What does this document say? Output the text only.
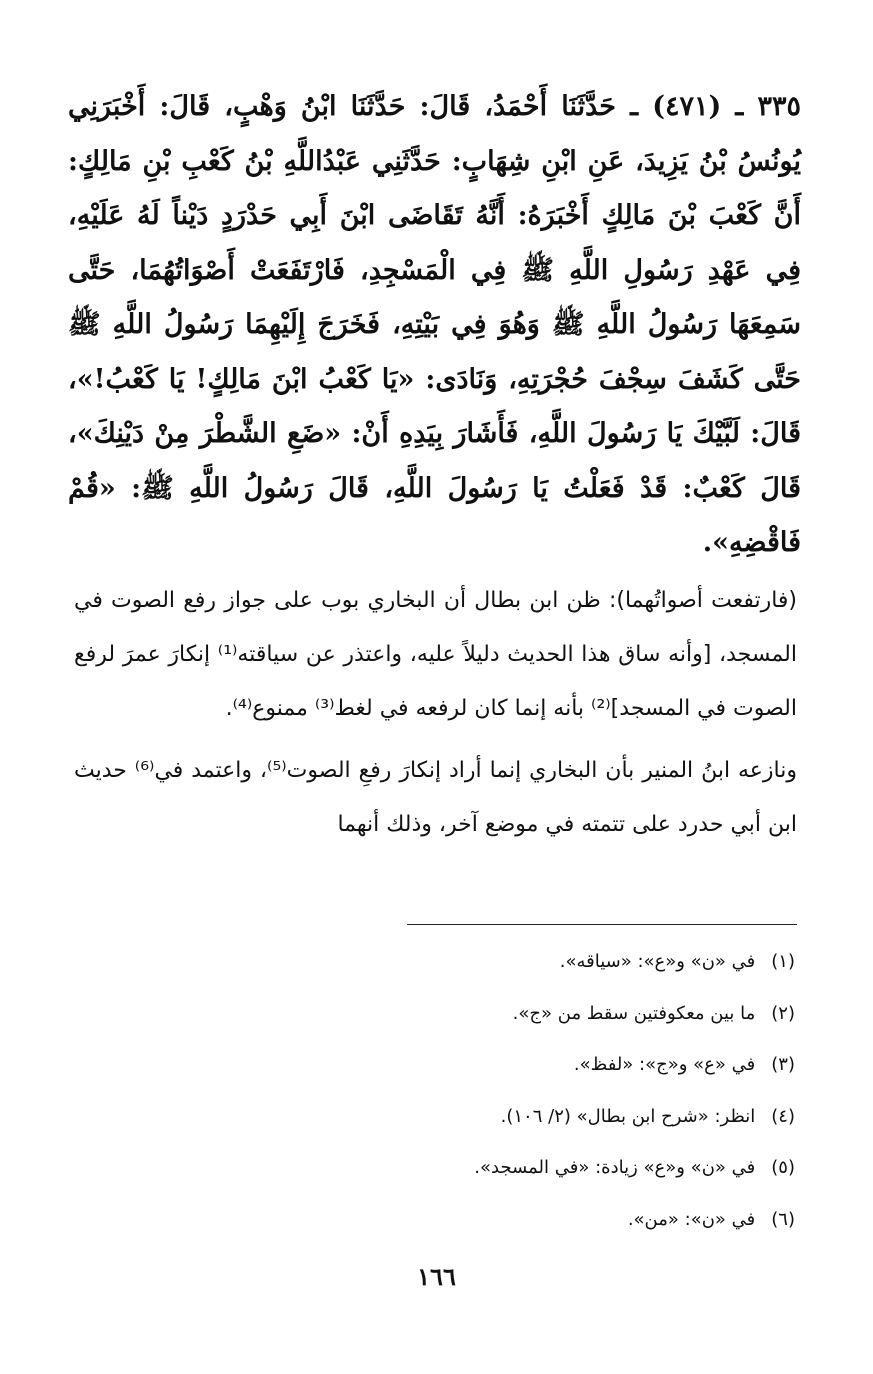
٣٣٥ ـ (٤٧١) ـ حَدَّثَنَا أَحْمَدُ، قَالَ: حَدَّثَنَا ابْنُ وَهْبٍ، قَالَ: أَخْبَرَنِي يُونُسُ بْنُ يَزِيدَ، عَنِ ابْنِ شِهَابٍ: حَدَّثَنِي عَبْدُاللَّهِ بْنُ كَعْبِ بْنِ مَالِكٍ: أَنَّ كَعْبَ بْنَ مَالِكٍ أَخْبَرَهُ: أَنَّهُ تَقَاضَى ابْنَ أَبِي حَدْرَدٍ دَيْناً لَهُ عَلَيْهِ، فِي عَهْدِ رَسُولِ اللَّهِ ﷺ فِي الْمَسْجِدِ، فَارْتَفَعَتْ أَصْوَاتُهُمَا، حَتَّى سَمِعَهَا رَسُولُ اللَّهِ ﷺ وَهُوَ فِي بَيْتِهِ، فَخَرَجَ إِلَيْهِمَا رَسُولُ اللَّهِ ﷺ حَتَّى كَشَفَ سِجْفَ حُجْرَتِهِ، وَنَادَى: «يَا كَعْبُ ابْنَ مَالِكٍ! يَا كَعْبُ!»، قَالَ: لَبَّيْكَ يَا رَسُولَ اللَّهِ، فَأَشَارَ بِيَدِهِ أَنْ: «ضَعِ الشَّطْرَ مِنْ دَيْنِكَ»، قَالَ كَعْبٌ: قَدْ فَعَلْتُ يَا رَسُولَ اللَّهِ، قَالَ رَسُولُ اللَّهِ ﷺ: «قُمْ فَاقْضِهِ».

(فارتفعت أصواتُهما): ظن ابن بطال أن البخاري بوب على جواز رفع الصوت في المسجد، [وأنه ساق هذا الحديث دليلاً عليه، واعتذر عن سياقته⁽¹⁾ إنكارَ عمرَ لرفع الصوت في المسجد]⁽²⁾ بأنه إنما كان لرفعه في لغط⁽³⁾ ممنوع⁽⁴⁾.

ونازعه ابنُ المنير بأن البخاري إنما أراد إنكارَ رفعِ الصوت⁽⁵⁾، واعتمد في⁽⁶⁾ حديث ابن أبي حدرد على تتمته في موضع آخر، وذلك أنهما

(١) في «ن» و«ع»: «سياقه».
(٢) ما بين معكوفتين سقط من «ج».
(٣) في «ع» و«ج»: «لفظ».
(٤) انظر: «شرح ابن بطال» (٢/ ١٠٦).
(٥) في «ن» و«ع» زيادة: «في المسجد».
(٦) في «ن»: «من».
١٦٦
